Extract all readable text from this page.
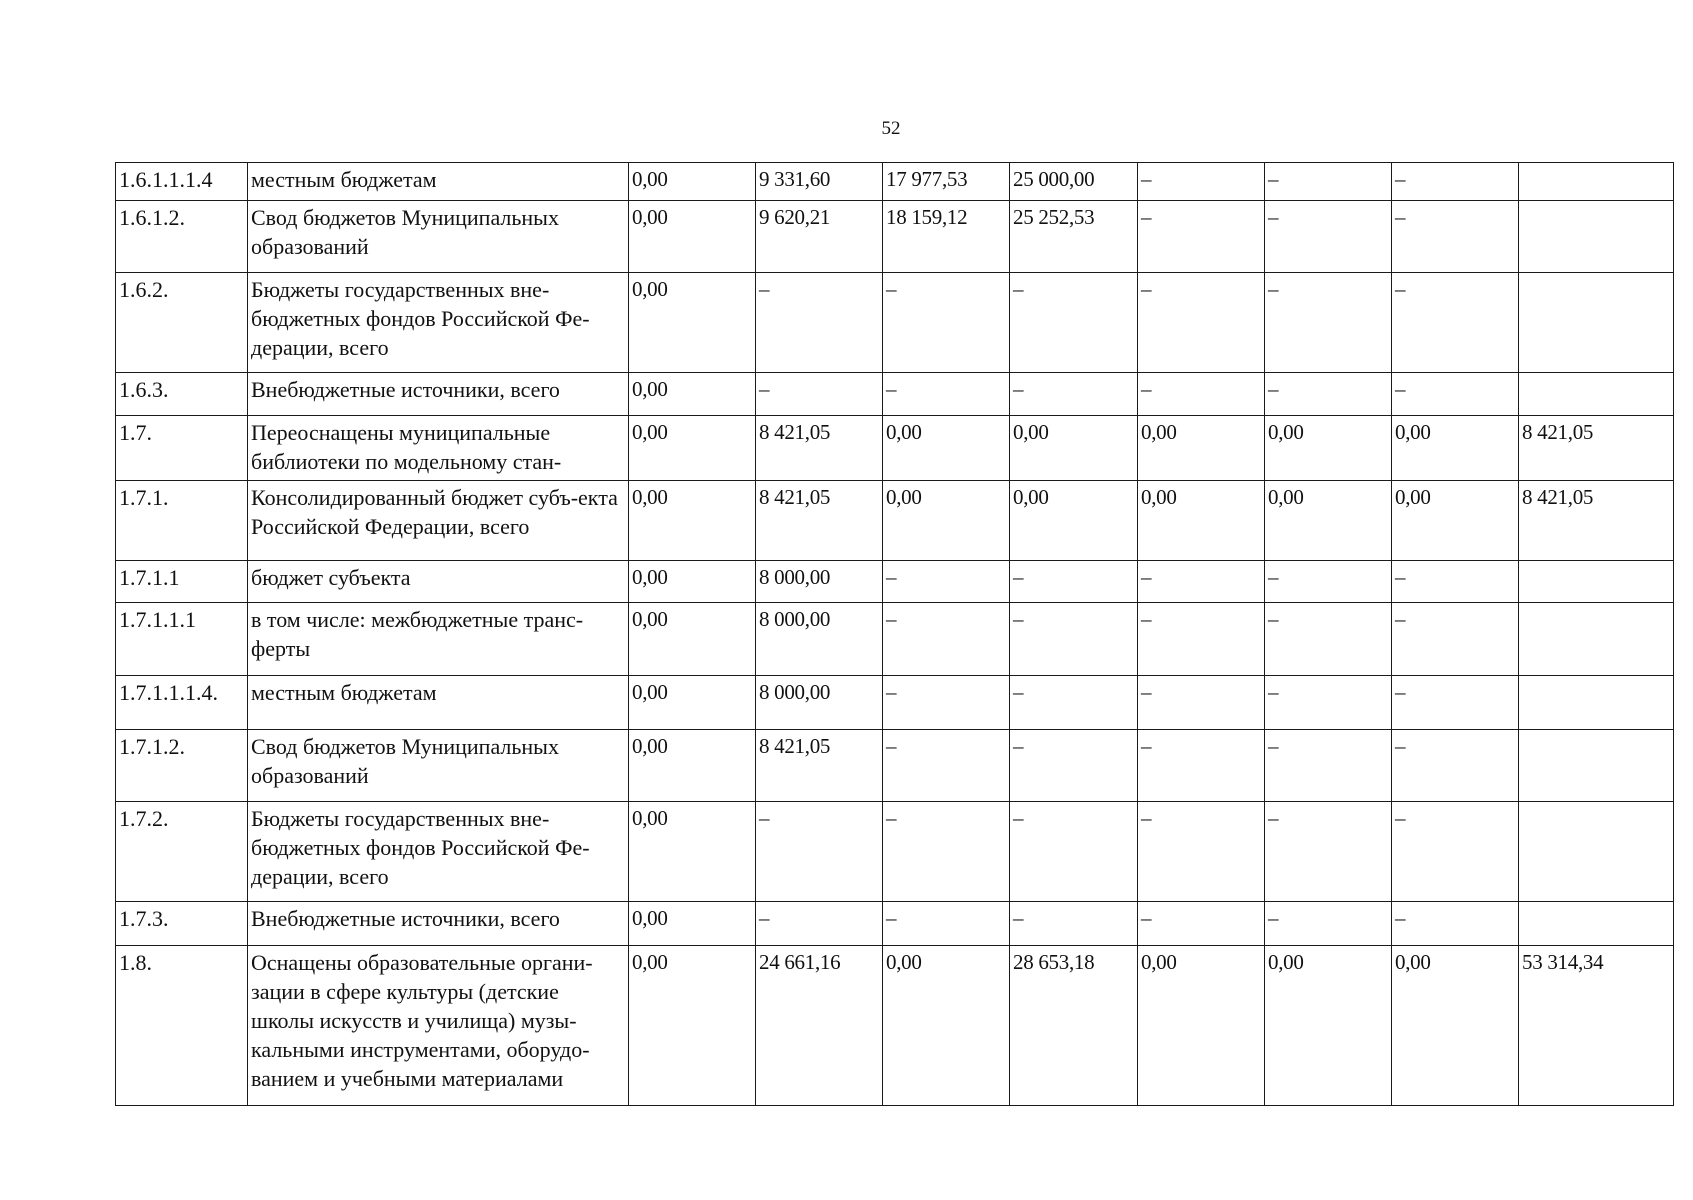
52
1.6.1.1.1.4	местным бюджетам	0,00	9 331,60	17 977,53	25 000,00	–	–	–	
1.6.1.2.	Свод бюджетов Муниципальных образований	0,00	9 620,21	18 159,12	25 252,53	–	–	–	
1.6.2.	Бюджеты государственных вне-бюджетных фондов Российской Фе-дерации, всего	0,00	–	–	–	–	–	–	
1.6.3.	Внебюджетные источники, всего	0,00	–	–	–	–	–	–	
1.7.	Переоснащены муниципальные библиотеки по модельному стан-	0,00	8 421,05	0,00	0,00	0,00	0,00	0,00	8 421,05
1.7.1.	Консолидированный бюджет субъ-екта Российской Федерации, всего	0,00	8 421,05	0,00	0,00	0,00	0,00	0,00	8 421,05
1.7.1.1	бюджет субъекта	0,00	8 000,00	–	–	–	–	–	
1.7.1.1.1	в том числе: межбюджетные транс-ферты	0,00	8 000,00	–	–	–	–	–	
1.7.1.1.1.4.	местным бюджетам	0,00	8 000,00	–	–	–	–	–	
1.7.1.2.	Свод бюджетов Муниципальных образований	0,00	8 421,05	–	–	–	–	–	
1.7.2.	Бюджеты государственных вне-бюджетных фондов Российской Фе-дерации, всего	0,00	–	–	–	–	–	–	
1.7.3.	Внебюджетные источники, всего	0,00	–	–	–	–	–	–	
1.8.	Оснащены образовательные органи-зации в сфере культуры (детские школы искусств и училища) музы-кальными инструментами, оборудо-ванием и учебными материалами	0,00	24 661,16	0,00	28 653,18	0,00	0,00	0,00	53 314,34
